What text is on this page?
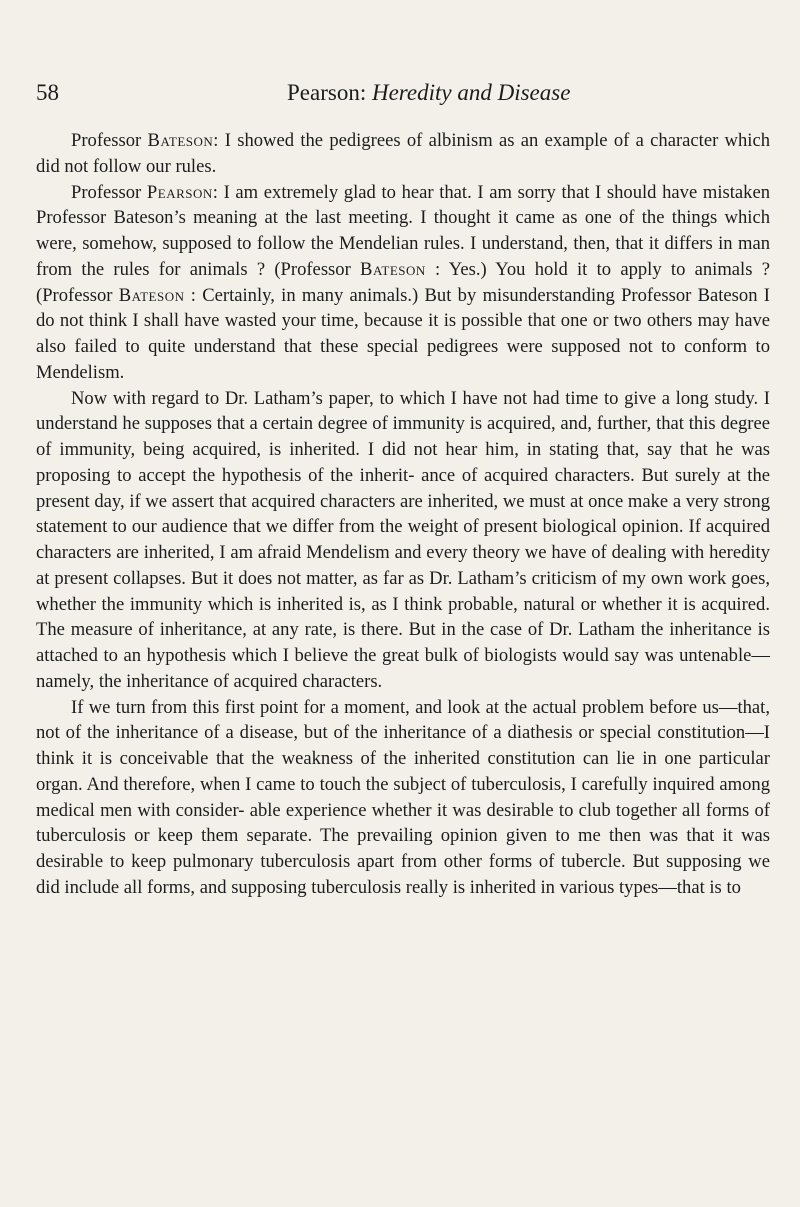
58	Pearson: Heredity and Disease

Professor Bateson: I showed the pedigrees of albinism as an example of a character which did not follow our rules.

Professor Pearson: I am extremely glad to hear that. I am sorry that I should have mistaken Professor Bateson’s meaning at the last meeting. I thought it came as one of the things which were, somehow, supposed to follow the Mendelian rules. I understand, then, that it differs in man from the rules for animals ? (Professor Bateson : Yes.) You hold it to apply to animals ? (Professor Bateson : Certainly, in many animals.) But by misunderstanding Professor Bateson I do not think I shall have wasted your time, because it is possible that one or two others may have also failed to quite understand that these special pedigrees were supposed not to conform to Mendelism.

Now with regard to Dr. Latham’s paper, to which I have not had time to give a long study. I understand he supposes that a certain degree of immunity is acquired, and, further, that this degree of immunity, being acquired, is inherited. I did not hear him, in stating that, say that he was proposing to accept the hypothesis of the inherit- ance of acquired characters. But surely at the present day, if we assert that acquired characters are inherited, we must at once make a very strong statement to our audience that we differ from the weight of present biological opinion. If acquired characters are inherited, I am afraid Mendelism and every theory we have of dealing with heredity at present collapses. But it does not matter, as far as Dr. Latham’s criticism of my own work goes, whether the immunity which is inherited is, as I think probable, natural or whether it is acquired. The measure of inheritance, at any rate, is there. But in the case of Dr. Latham the inheritance is attached to an hypothesis which I believe the great bulk of biologists would say was untenable—namely, the inheritance of acquired characters.

If we turn from this first point for a moment, and look at the actual problem before us—that, not of the inheritance of a disease, but of the inheritance of a diathesis or special constitution—I think it is conceivable that the weakness of the inherited constitution can lie in one particular organ. And therefore, when I came to touch the subject of tuberculosis, I carefully inquired among medical men with consider- able experience whether it was desirable to club together all forms of tuberculosis or keep them separate. The prevailing opinion given to me then was that it was desirable to keep pulmonary tuberculosis apart from other forms of tubercle. But supposing we did include all forms, and supposing tuberculosis really is inherited in various types—that is to
